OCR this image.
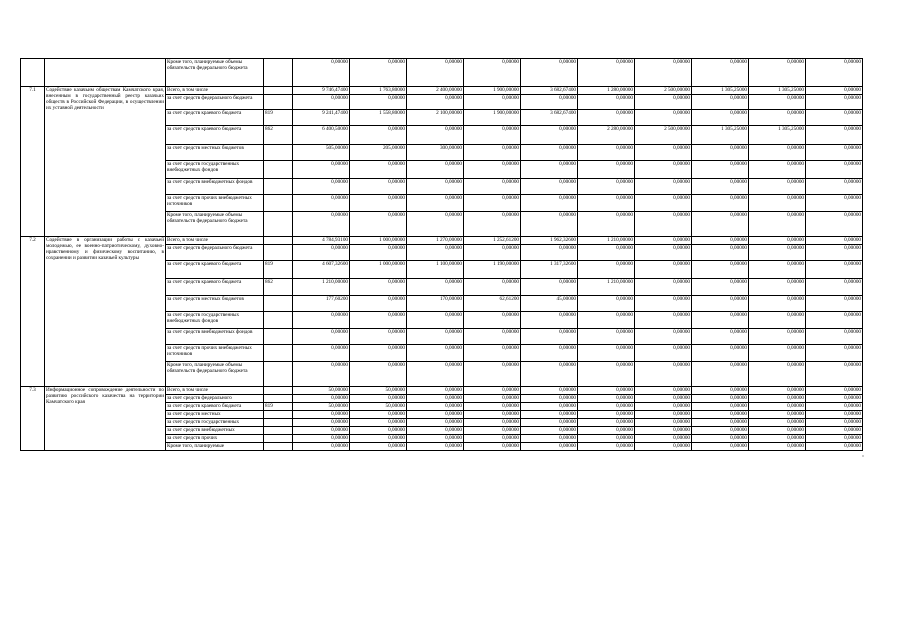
		Кроме того, планируемые объемы обязательств федерального бюджета		0,00000	0,00000	0,00000	0,00000	0,00000	0,00000	0,00000	0,00000	0,00000	0,00000
7.1	Содействие казачьим обществам Камчатского края, внесенным в государственный реестр казачьих обществ в Российской Федерации, в осуществлении их уставной деятельности	Всего, в том числе		9 746,47400	1 763,80000	2 400,00000	1 900,00000	3 682,67400	1 280,00000	2 500,00000	1 305,25000	1 305,25000	0,00000
		за счет средств федерального бюджета		0,00000	0,00000	0,00000	0,00000	0,00000	0,00000	0,00000	0,00000	0,00000	0,00000
		за счет средств краевого бюджета	819	9 241,47400	1 558,80000	2 100,00000	1 900,00000	3 682,67400	0,00000	0,00000	0,00000	0,00000	0,00000
		за счет средств краевого бюджета	862	6 400,50000	0,00000	0,00000	0,00000	0,00000	2 280,00000	2 500,00000	1 305,25000	1 305,25000	0,00000
		за счет средств местных бюджетов		505,00000	205,00000	300,00000	0,00000	0,00000	0,00000	0,00000	0,00000	0,00000	0,00000
		за счет средств государственных внебюджетных фондов		0,00000	0,00000	0,00000	0,00000	0,00000	0,00000	0,00000	0,00000	0,00000	0,00000
		за счет средств внебюджетных фондов		0,00000	0,00000	0,00000	0,00000	0,00000	0,00000	0,00000	0,00000	0,00000	0,00000
		за счет средств прочих внебюджетных источников		0,00000	0,00000	0,00000	0,00000	0,00000	0,00000	0,00000	0,00000	0,00000	0,00000
		Кроме того, планируемые объемы обязательств федерального бюджета		0,00000	0,00000	0,00000	0,00000	0,00000	0,00000	0,00000	0,00000	0,00000	0,00000
7.2	Содействие в организации работы с казачьей молодежью, ее военно-патриотическому, духовно-нравственному и физическому воспитанию, в сохранении и развитии казачьей культуры	Всего, в том числе		4 784,93100	1 000,00000	1 270,00000	1 252,61200	1 962,32600	1 210,00000	0,00000	0,00000	0,00000	0,00000
		за счет средств федерального бюджета		0,00000	0,00000	0,00000	0,00000	0,00000	0,00000	0,00000	0,00000	0,00000	0,00000
		за счет средств краевого бюджета	819	4 607,32600	1 000,00000	1 100,00000	1 190,00000	1 317,32600	0,00000	0,00000	0,00000	0,00000	0,00000
		за счет средств краевого бюджета	862	1 210,00000	0,00000	0,00000	0,00000	0,00000	1 210,00000	0,00000	0,00000	0,00000	0,00000
		за счет средств местных бюджетов		177,60200	0,00000	170,00000	62,61200	45,00000	0,00000	0,00000	0,00000	0,00000	0,00000
		за счет средств государственных внебюджетных фондов		0,00000	0,00000	0,00000	0,00000	0,00000	0,00000	0,00000	0,00000	0,00000	0,00000
		за счет средств внебюджетных фондов		0,00000	0,00000	0,00000	0,00000	0,00000	0,00000	0,00000	0,00000	0,00000	0,00000
		за счет средств прочих внебюджетных источников		0,00000	0,00000	0,00000	0,00000	0,00000	0,00000	0,00000	0,00000	0,00000	0,00000
		Кроме того, планируемые объемы обязательств федерального бюджета		0,00000	0,00000	0,00000	0,00000	0,00000	0,00000	0,00000	0,00000	0,00000	0,00000
7.3	Информационное сопровождение деятельности по развитию российского казачества на территории Камчатского края	Всего, в том числе		50,00000	50,00000	0,00000	0,00000	0,00000	0,00000	0,00000	0,00000	0,00000	0,00000
		за счет средств федерального		0,00000	0,00000	0,00000	0,00000	0,00000	0,00000	0,00000	0,00000	0,00000	0,00000
		за счет средств краевого бюджета	819	50,00000	50,00000	0,00000	0,00000	0,00000	0,00000	0,00000	0,00000	0,00000	0,00000
		за счет средств местных		0,00000	0,00000	0,00000	0,00000	0,00000	0,00000	0,00000	0,00000	0,00000	0,00000
		за счет средств государственных		0,00000	0,00000	0,00000	0,00000	0,00000	0,00000	0,00000	0,00000	0,00000	0,00000
		за счет средств внебюджетных		0,00000	0,00000	0,00000	0,00000	0,00000	0,00000	0,00000	0,00000	0,00000	0,00000
		за счет средств прочих		0,00000	0,00000	0,00000	0,00000	0,00000	0,00000	0,00000	0,00000	0,00000	0,00000
		Кроме того, планируемые		0,00000	0,00000	0,00000	0,00000	0,00000	0,00000	0,00000	0,00000	0,00000	0,00000
"
